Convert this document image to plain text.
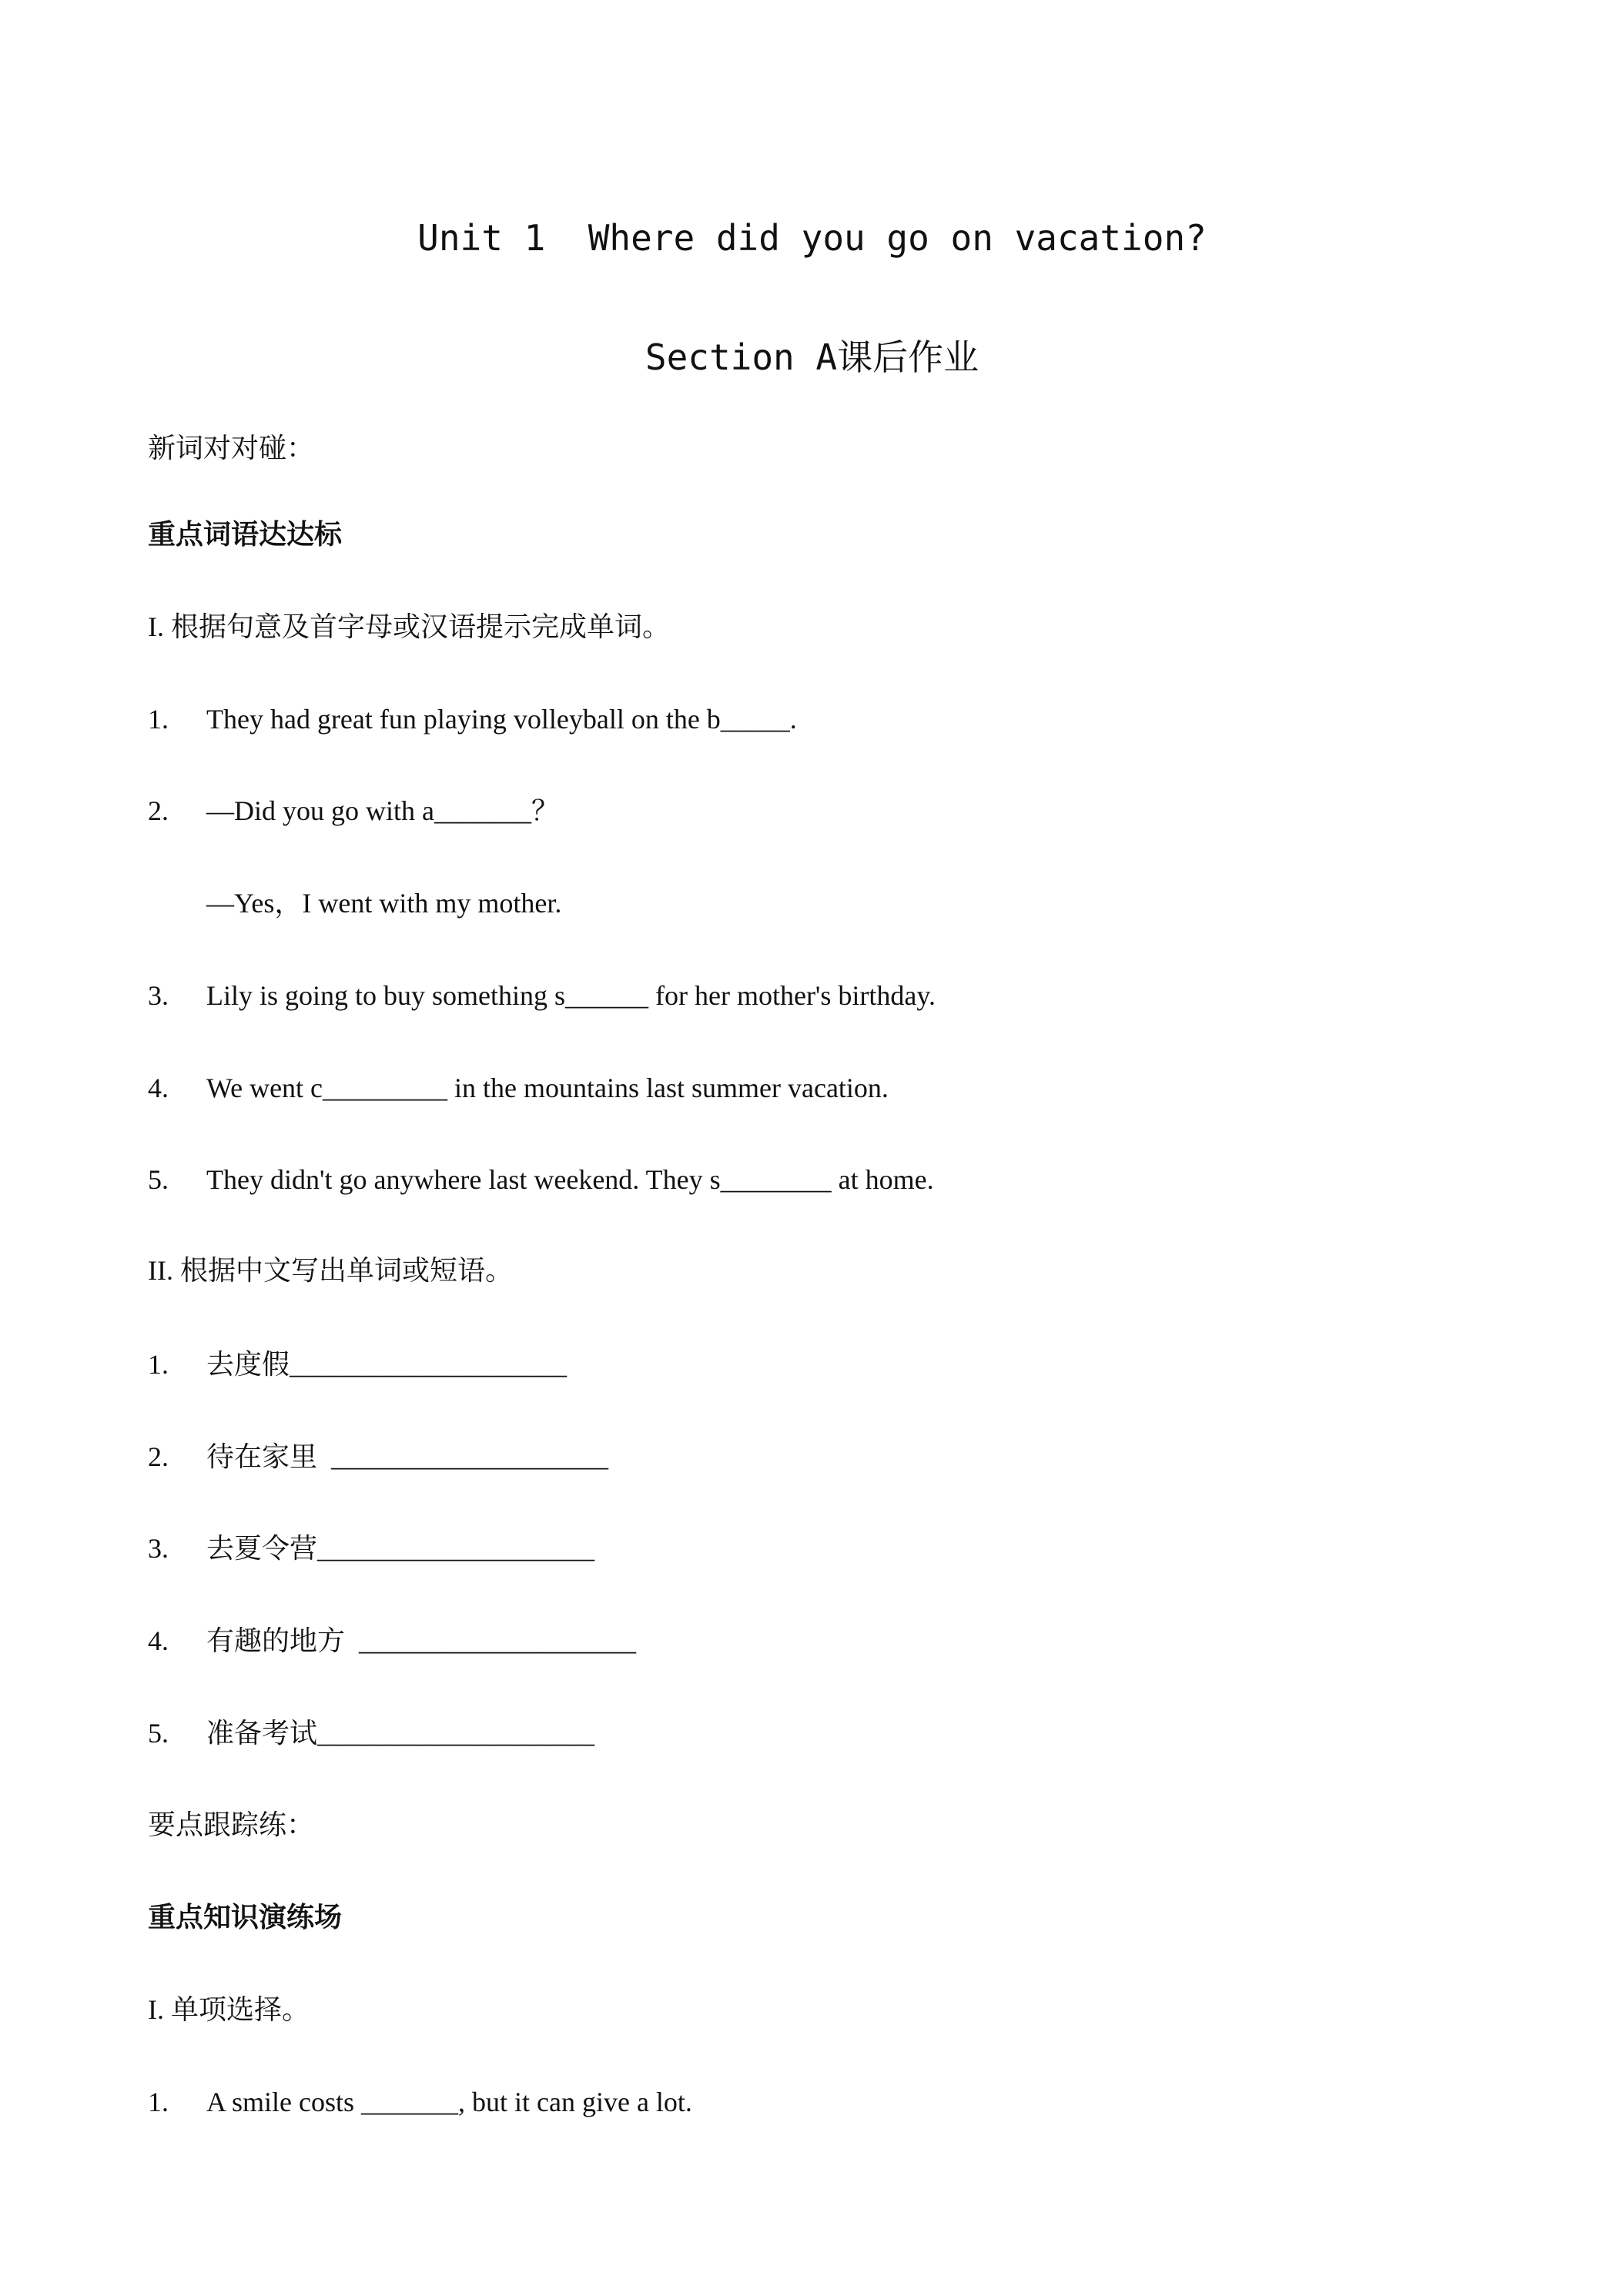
Unit 1  Where did you go on vacation?
Section A课后作业
新词对对碰：
重点词语达达标
I. 根据句意及首字母或汉语提示完成单词。
1. They had great fun playing volleyball on the b_____.
2. —Did you go with a_______？
—Yes，I went with my mother.
3. Lily is going to buy something s______ for her mother's birthday.
4. We went c_________ in the mountains last summer vacation.
5. They didn't go anywhere last weekend. They s________ at home.
II. 根据中文写出单词或短语。
1. 去度假____________________
2. 待在家里  ____________________
3. 去夏令营____________________
4. 有趣的地方  ____________________
5. 准备考试____________________
要点跟踪练：
重点知识演练场
I. 单项选择。
1. A smile costs _______, but it can give a lot.
